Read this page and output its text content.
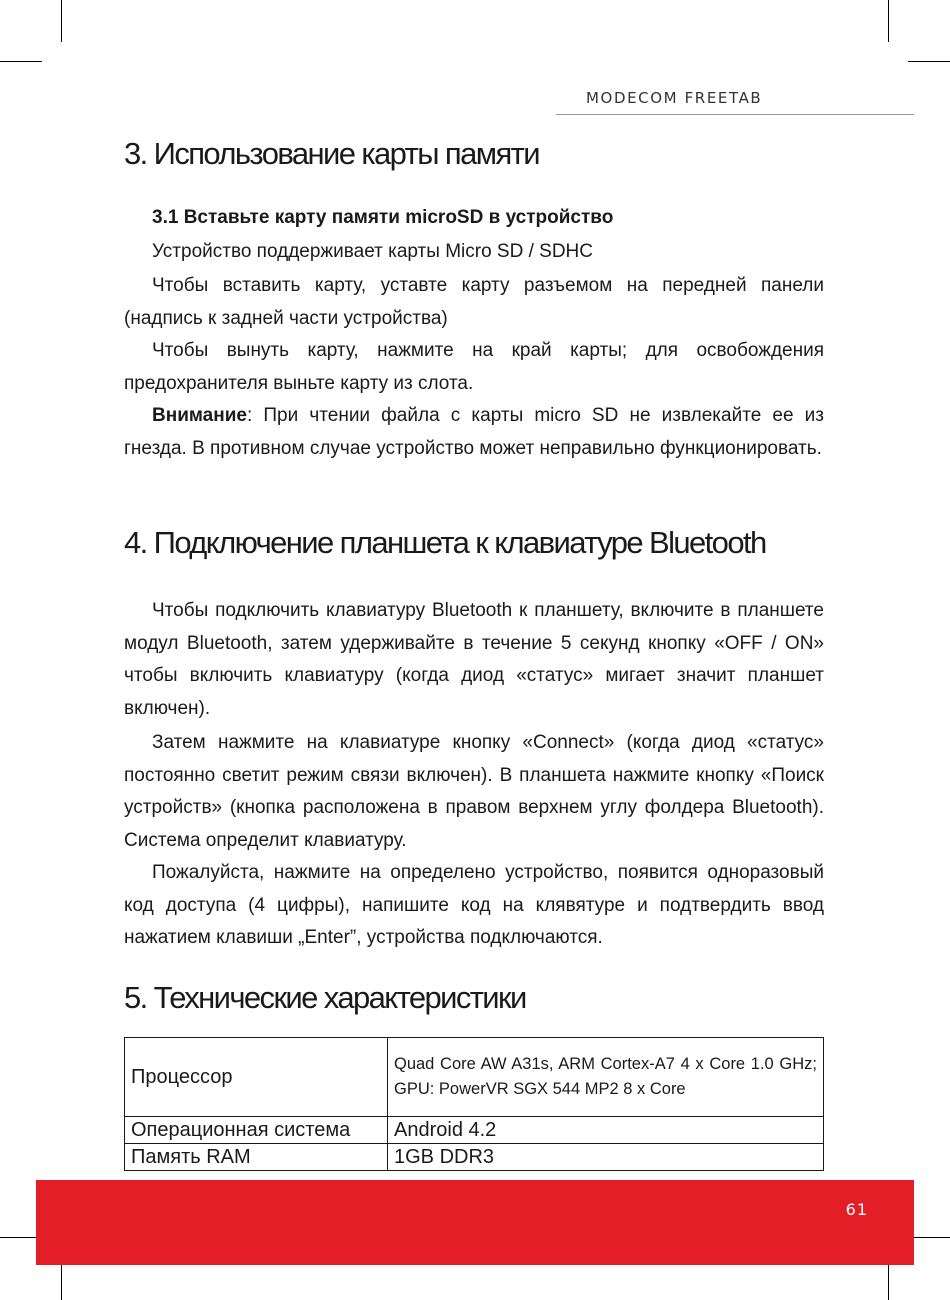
MODECOM FREETAB
3. Использование карты памяти
3.1 Вставьте карту памяти microSD в устройство

Устройство поддерживает карты Micro SD / SDHC

Чтобы вставить карту, уставте карту разъемом на передней панели (надпись к задней части устройства)

Чтобы вынуть карту, нажмите на край карты; для освобождения предохранителя выньте карту из слота.

Внимание: При чтении файла с карты micro SD не извлекайте ее из гнезда. В противном случае устройство может неправильно функционировать.

4. Подключение планшета к клавиатуре Bluetooth

Чтобы подключить клавиатуру Bluetooth к планшету, включите в планшете модул Bluetooth, затем удерживайте в течение 5 секунд кнопку «OFF / ON» чтобы включить клавиатуру (когда диод «статус» мигает значит планшет включен).

Затем нажмите на клавиатуре кнопку «Connect» (когда диод «статус» постоянно светит режим связи включен). В планшета нажмите кнопку «Поиск устройств» (кнопка расположена в правом верхнем углу фолдера Bluetooth). Система определит клавиатуру.

Пожалуйста, нажмите на определено устройство, появится одноразовый код доступа (4 цифры), напишите код на клявятуре и подтвердить ввод нажатием клавиши „Enter”, устройства подключаются.

5. Технические характеристики
Процессор	Quad Core AW A31s, ARM Cortex-A7 4 x Core 1.0 GHz; GPU: PowerVR SGX 544 MP2 8 x Core
Операционная система	Android 4.2
Память RAM	1GB DDR3
61
